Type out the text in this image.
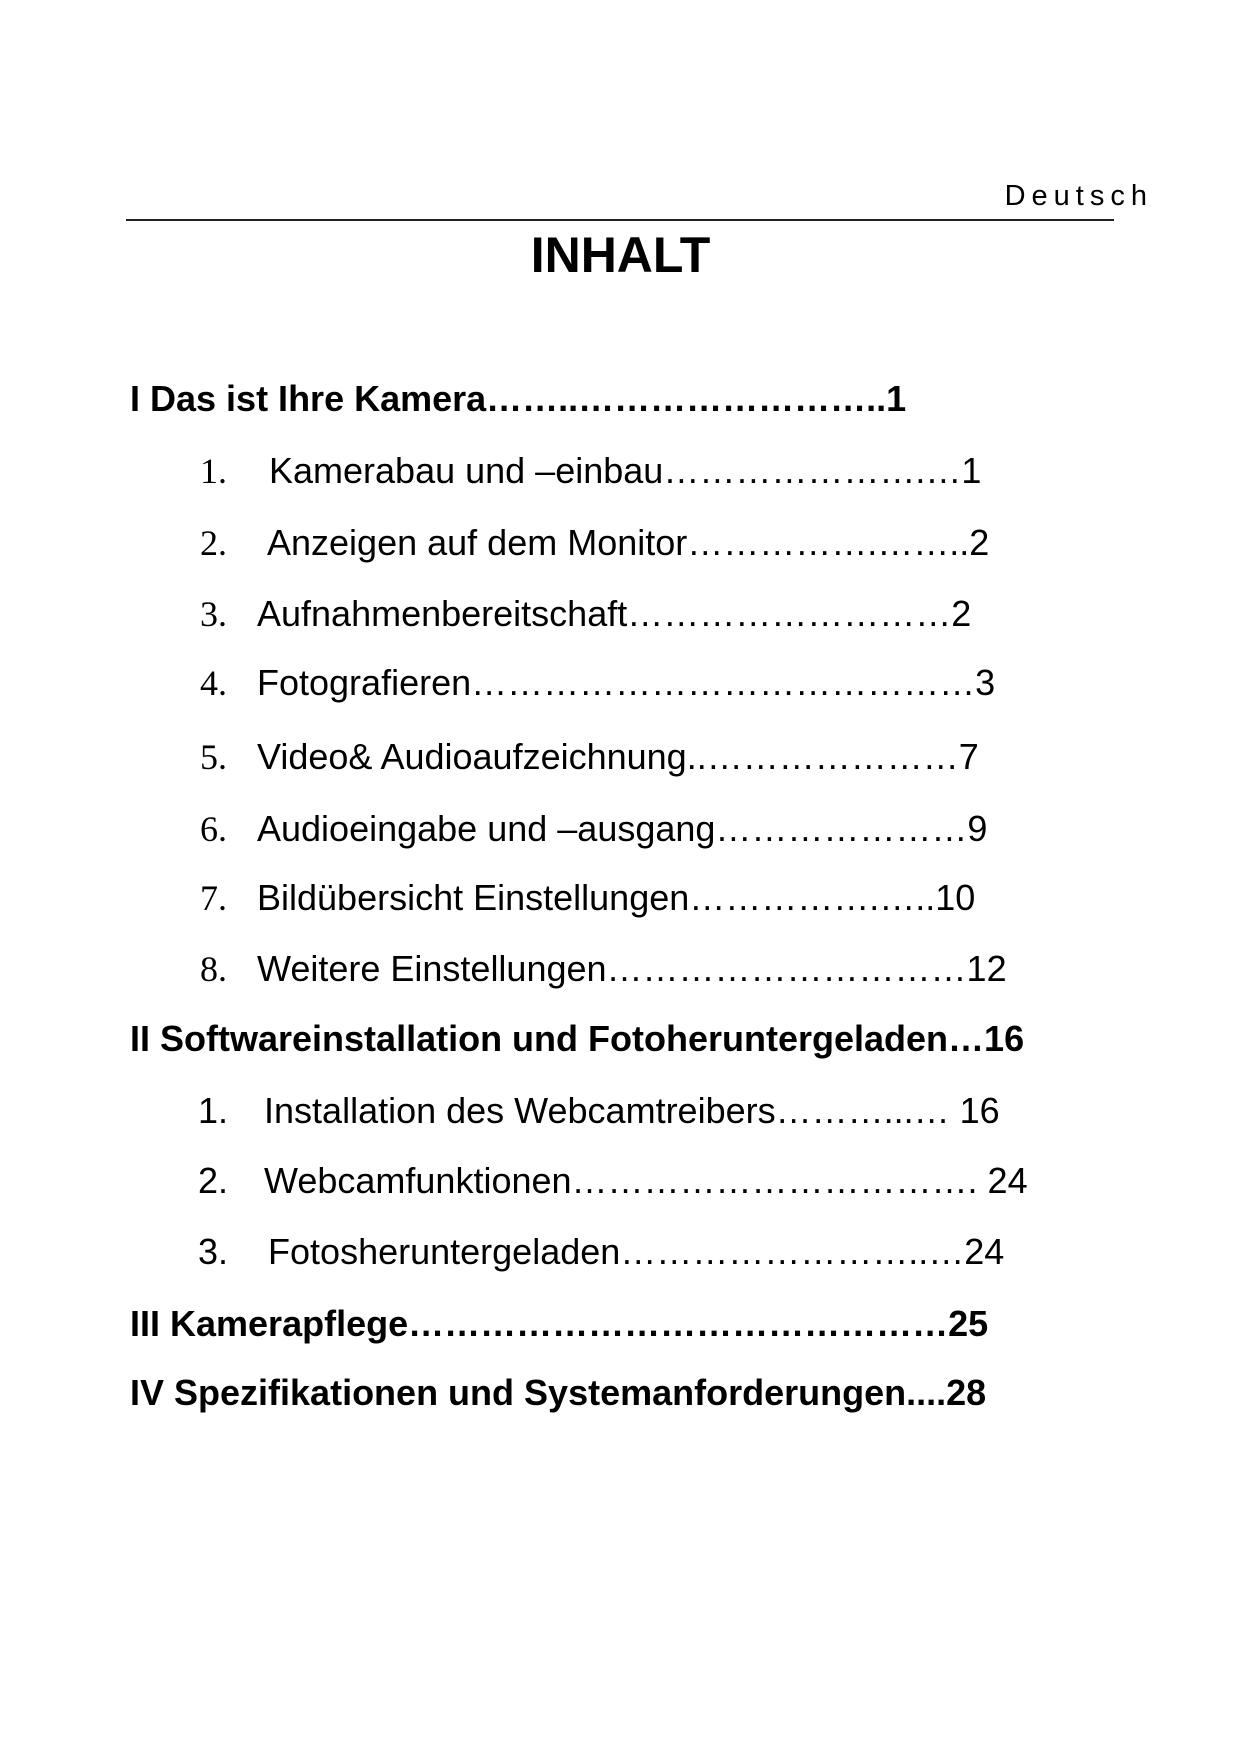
Deutsch
INHALT
I Das ist Ihre Kamera……..……………………..1
1. Kamerabau und –einbau………………….…1
2. Anzeigen auf dem Monitor…………….……..2
3. Aufnahmenbereitschaft………………………2
4. Fotografieren……………………………………3
5. Video& Audioaufzeichnung..…………………7
6. Audioeingabe und –ausgang…………………9
7. Bildübersicht Einstellungen…………….…..10
8. Weitere Einstellungen…………………………12
II Softwareinstallation und Fotoheruntergeladen…16
1. Installation des Webcamtreibers………...… 16
2. Webcamfunktionen……………………………. 24
3. Fotosheruntergeladen……………………..…24
III Kamerapflege………………………………………25
IV Spezifikationen und Systemanforderungen....28
